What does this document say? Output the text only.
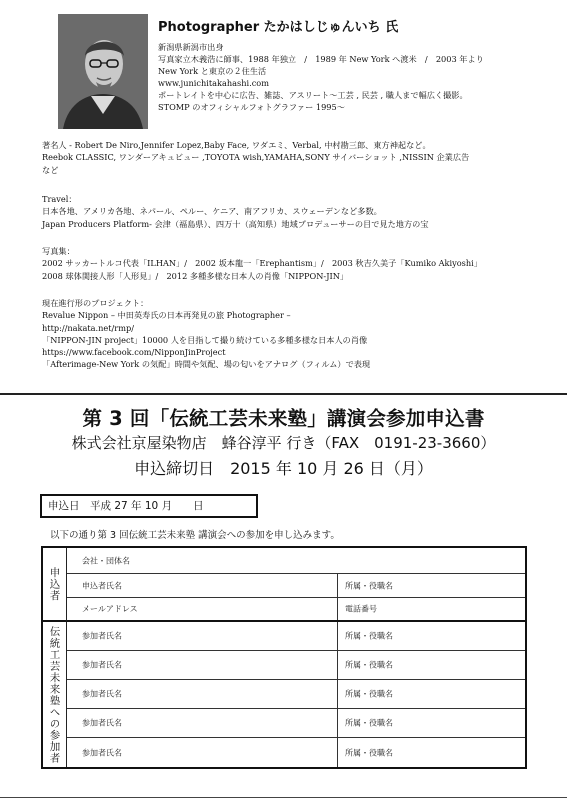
Photographer たかはしじゅんいち 氏
新潟県新潟市出身
写真家立木義浩に師事、1988 年独立　/　1989 年 New York へ渡米　/　2003 年より
New York と東京の２住生活
www.junichitakahashi.com
ポートレイトを中心に広告、雑誌、アスリート～工芸 , 民芸 , 職人まで幅広く撮影。
STOMP のオフィシャルフォトグラファー 1995～
著名人 - Robert De Niro,Jennifer Lopez,Baby Face, ワダエミ、Verbal, 中村勘三郎、東方神起など。
Reebok CLASSIC, ワンダーアキュビュー ,TOYOTA wish,YAMAHA,SONY サイバーショット ,NISSIN 企業広告
など
Travel：
日本各地、アメリカ各地、ネパール、ペルー、ケニア、南アフリカ、スウェーデンなど多数。
Japan Producers Platform- 会津（福島県）、四万十（高知県）地域プロデューサーの目で見た地方の宝
写真集：
2002 サッカートルコ代表「ILHAN」/　2002 坂本龍一「Erephantism」/　2003 秋吉久美子「Kumiko Akiyoshi」
2008 球体関接人形「人形見」/　2012 多種多様な日本人の肖像「NIPPON-JIN」
現在進行形のプロジェクト：
Revalue Nippon – 中田英寿氏の日本再発見の旅 Photographer –
http://nakata.net/rmp/
「NIPPON-JIN project」10000 人を目指して撮り続けている多種多様な日本人の肖像
https://www.facebook.com/NipponJinProject
「Afterimage-New York の気配」時間や気配、場の匂いをアナログ（フィルム）で表現
第 3 回「伝統工芸未来塾」講演会参加申込書
株式会社京屋染物店　蜂谷淳平 行き（FAX　0191-23-3660）
申込締切日　2015 年 10 月 26 日（月）
申込日　平成 27 年 10 月　　日
以下の通り第 3 回伝統工芸未来塾 講演会への参加を申し込みます。
申込者
伝統工芸未来塾への参加者
会社・団体名
申込者氏名	所属・役職名
メールアドレス	電話番号
参加者氏名	所属・役職名
参加者氏名	所属・役職名
参加者氏名	所属・役職名
参加者氏名	所属・役職名
参加者氏名	所属・役職名
